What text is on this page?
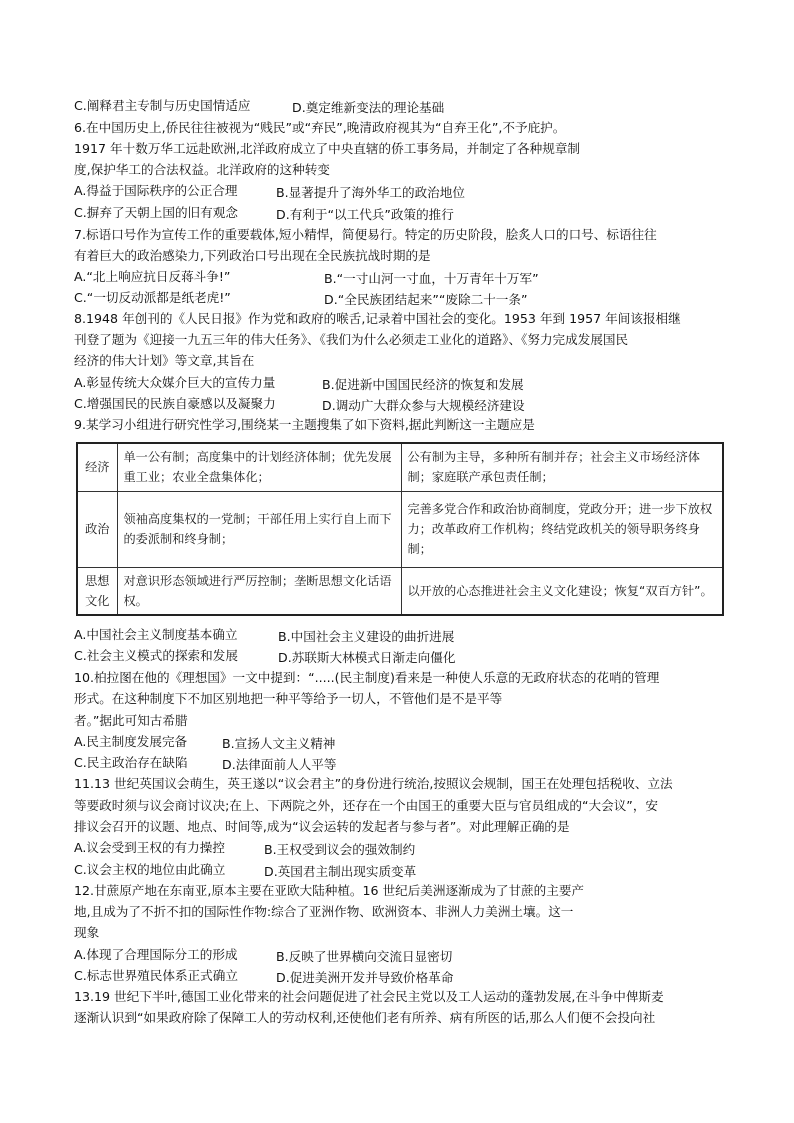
C.阐释君主专制与历史国情适应	D.奠定维新变法的理论基础
6.在中国历史上,侨民往往被视为“贱民”或“弃民”,晚清政府视其为“自弃王化”,不予庇护。
1917 年十数万华工远赴欧洲,北洋政府成立了中央直辖的侨工事务局，并制定了各种规章制
度,保护华工的合法权益。北洋政府的这种转变
A.得益于国际秩序的公正合理	B.显著提升了海外华工的政治地位
C.摒弃了天朝上国的旧有观念	D.有利于“以工代兵”政策的推行
7.标语口号作为宣传工作的重要载体,短小精悍，简便易行。特定的历史阶段，脍炙人口的口号、标语往往
有着巨大的政治感染力,下列政治口号出现在全民族抗战时期的是
A.“北上响应抗日反蒋斗争!”	B.“一寸山河一寸血，十万青年十万军”
C.“一切反动派都是纸老虎!”	D.“全民族团结起来”“废除二十一条”
8.1948 年创刊的《人民日报》作为党和政府的喉舌,记录着中国社会的变化。1953 年到 1957 年间该报相继
刊登了题为《迎接一九五三年的伟大任务》、《我们为什么必须走工业化的道路》、《努力完成发展国民
经济的伟大计划》等文章,其旨在
A.彰显传统大众媒介巨大的宣传力量	B.促进新中国国民经济的恢复和发展
C.增强国民的民族自豪感以及凝聚力	D.调动广大群众参与大规模经济建设
9.某学习小组进行研究性学习,围绕某一主题搜集了如下资料,据此判断这一主题应是
经济	单一公有制；高度集中的计划经济体制；优先发展重工业；农业全盘集体化；	公有制为主导，多种所有制并存；社会主义市场经济体制；家庭联产承包责任制；
政治	领袖高度集权的一党制；干部任用上实行自上而下的委派制和终身制；	完善多党合作和政治协商制度，党政分开；进一步下放权力；改革政府工作机构；终结党政机关的领导职务终身制；
思想文化	对意识形态领域进行严厉控制；垄断思想文化话语权。	以开放的心态推进社会主义文化建设；恢复“双百方针”。
A.中国社会主义制度基本确立	B.中国社会主义建设的曲折进展
C.社会主义模式的探索和发展	D.苏联斯大林模式日渐走向僵化
10.柏拉图在他的《理想国》一文中提到：“.....(民主制度)看来是一种使人乐意的无政府状态的花哨的管理
形式。在这种制度下不加区别地把一种平等给予一切人，不管他们是不是平等
者。”据此可知古希腊
A.民主制度发展完备	B.宣扬人文主义精神
C.民主政治存在缺陷	D.法律面前人人平等
11.13 世纪英国议会萌生，英王遂以“议会君主”的身份进行统治,按照议会规制，国王在处理包括税收、立法
等要政时须与议会商讨议决;在上、下两院之外，还存在一个由国王的重要大臣与官员组成的“大会议”，安
排议会召开的议题、地点、时间等,成为“议会运转的发起者与参与者”。对此理解正确的是
A.议会受到王权的有力操控	B.王权受到议会的强效制约
C.议会主权的地位由此确立	D.英国君主制出现实质变革
12.甘蔗原产地在东南亚,原本主要在亚欧大陆种植。16 世纪后美洲逐渐成为了甘蔗的主要产
地,且成为了不折不扣的国际性作物:综合了亚洲作物、欧洲资本、非洲人力美洲土壤。这一
现象
A.体现了合理国际分工的形成	B.反映了世界横向交流日显密切
C.标志世界殖民体系正式确立	D.促进美洲开发并导致价格革命
13.19 世纪下半叶,德国工业化带来的社会问题促进了社会民主党以及工人运动的蓬勃发展,在斗争中俾斯麦
逐渐认识到“如果政府除了保障工人的劳动权利,还使他们老有所养、病有所医的话,那么人们便不会投向社
